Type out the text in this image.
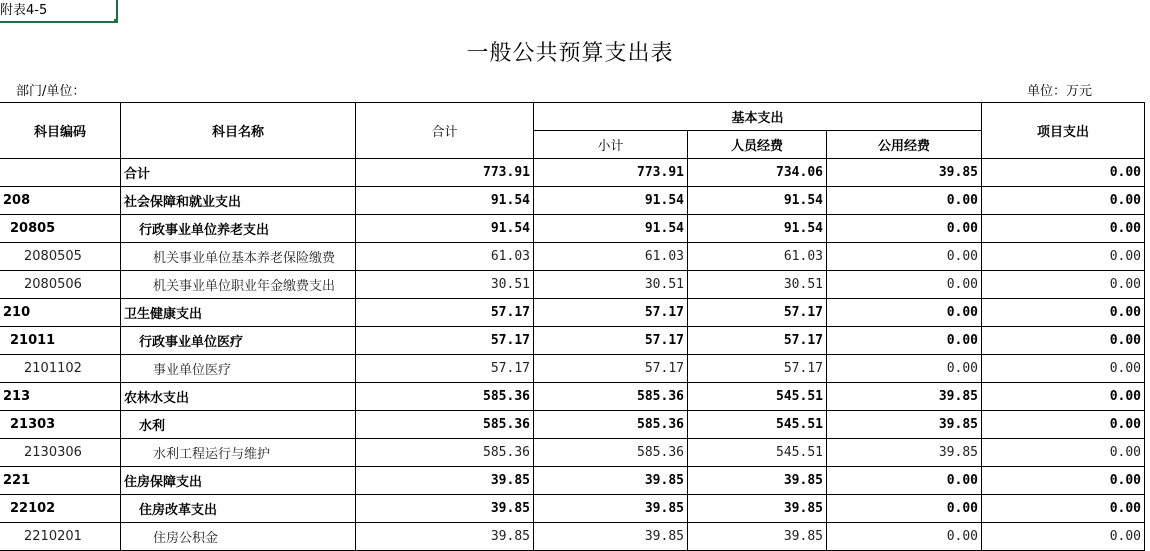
附表4-5
一般公共预算支出表
部门/单位：	单位：万元
科目编码	科目名称	合计	基本支出			项目支出
			小计	人员经费	公用经费	
	合计	773.91	773.91	734.06	39.85	0.00
208	社会保障和就业支出	91.54	91.54	91.54	0.00	0.00
20805	行政事业单位养老支出	91.54	91.54	91.54	0.00	0.00
2080505	机关事业单位基本养老保险缴费	61.03	61.03	61.03	0.00	0.00
2080506	机关事业单位职业年金缴费支出	30.51	30.51	30.51	0.00	0.00
210	卫生健康支出	57.17	57.17	57.17	0.00	0.00
21011	行政事业单位医疗	57.17	57.17	57.17	0.00	0.00
2101102	事业单位医疗	57.17	57.17	57.17	0.00	0.00
213	农林水支出	585.36	585.36	545.51	39.85	0.00
21303	水利	585.36	585.36	545.51	39.85	0.00
2130306	水利工程运行与维护	585.36	585.36	545.51	39.85	0.00
221	住房保障支出	39.85	39.85	39.85	0.00	0.00
22102	住房改革支出	39.85	39.85	39.85	0.00	0.00
2210201	住房公积金	39.85	39.85	39.85	0.00	0.00
